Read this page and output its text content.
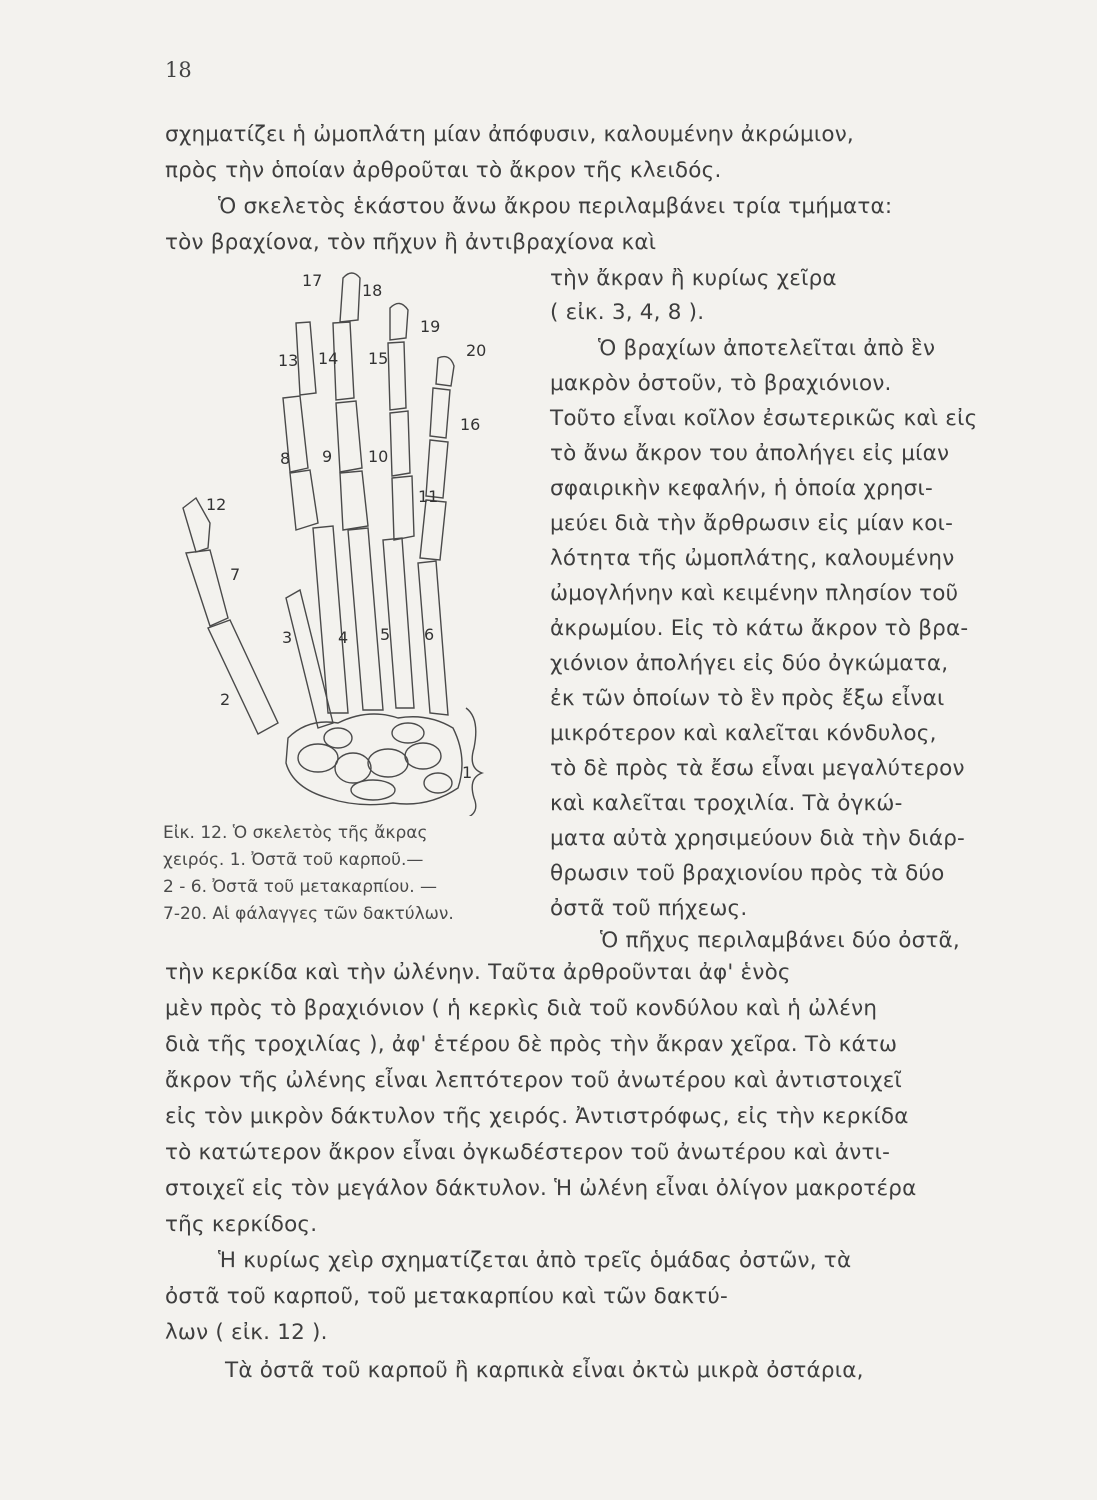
18
σχηματίζει ἡ ὠμοπλάτη μίαν ἀπόφυσιν, καλουμένην ἀκρώμιον,
πρὸς τὴν ὁποίαν ἀρθροῦται τὸ ἄκρον τῆς κλειδός.
Ὁ σκελετὸς ἑκάστου ἄνω ἄκρου περιλαμβάνει τρία τμήματα:
τὸν βραχίονα, τὸν πῆχυν ἢ ἀντιβραχίονα καὶ
1
2
3	4 5 6
7
8 9 10
11
12
13 14 15
16
17
18
19
20
τὴν ἄκραν ἢ κυρίως χεῖρα
( εἰκ. 3, 4, 8 ).
Ὁ βραχίων ἀποτελεῖται ἀπὸ ἓν
μακρὸν ὀστοῦν, τὸ βραχιόνιον.
Τοῦτο εἶναι κοῖλον ἐσωτερικῶς καὶ εἰς
τὸ ἄνω ἄκρον του ἀπολήγει εἰς μίαν
σφαιρικὴν κεφαλήν, ἡ ὁποία χρησι-
μεύει διὰ τὴν ἄρθρωσιν εἰς μίαν κοι-
λότητα τῆς ὠμοπλάτης, καλουμένην
ὠμογλήνην καὶ κειμένην πλησίον τοῦ
ἀκρωμίου. Εἰς τὸ κάτω ἄκρον τὸ βρα-
χιόνιον ἀπολήγει εἰς δύο ὀγκώματα,
ἐκ τῶν ὁποίων τὸ ἓν πρὸς ἔξω εἶναι
μικρότερον καὶ καλεῖται κόνδυλος,
τὸ δὲ πρὸς τὰ ἔσω εἶναι μεγαλύτερον
καὶ καλεῖται τροχιλία. Τὰ ὀγκώ-
ματα αὐτὰ χρησιμεύουν διὰ τὴν διάρ-
θρωσιν τοῦ βραχιονίου πρὸς τὰ δύο
ὀστᾶ τοῦ πήχεως.
Ὁ πῆχυς περιλαμβάνει δύο ὀστᾶ,
Εἰκ. 12. Ὁ σκελετὸς τῆς ἄκρας
χειρός. 1. Ὀστᾶ τοῦ καρποῦ.—
2 - 6. Ὀστᾶ τοῦ μετακαρπίου. —
7-20. Αἱ φάλαγγες τῶν δακτύλων.
τὴν κερκίδα καὶ τὴν ὠλένην. Ταῦτα ἀρθροῦνται ἀφ' ἑνὸς
μὲν πρὸς τὸ βραχιόνιον ( ἡ κερκὶς διὰ τοῦ κονδύλου καὶ ἡ ὠλένη
διὰ τῆς τροχιλίας ), ἀφ' ἑτέρου δὲ πρὸς τὴν ἄκραν χεῖρα. Τὸ κάτω
ἄκρον τῆς ὠλένης εἶναι λεπτότερον τοῦ ἀνωτέρου καὶ ἀντιστοιχεῖ
εἰς τὸν μικρὸν δάκτυλον τῆς χειρός. Ἀντιστρόφως, εἰς τὴν κερκίδα
τὸ κατώτερον ἄκρον εἶναι ὀγκωδέστερον τοῦ ἀνωτέρου καὶ ἀντι-
στοιχεῖ εἰς τὸν μεγάλον δάκτυλον. Ἡ ὠλένη εἶναι ὀλίγον μακροτέρα
τῆς κερκίδος.
Ἡ κυρίως χεὶρ σχηματίζεται ἀπὸ τρεῖς ὁμάδας ὀστῶν, τὰ
ὀστᾶ τοῦ καρποῦ, τοῦ μετακαρπίου καὶ τῶν δακτύ-
λων ( εἰκ. 12 ).
Τὰ ὀστᾶ τοῦ καρποῦ ἢ καρπικὰ εἶναι ὀκτὼ μικρὰ ὀστάρια,
